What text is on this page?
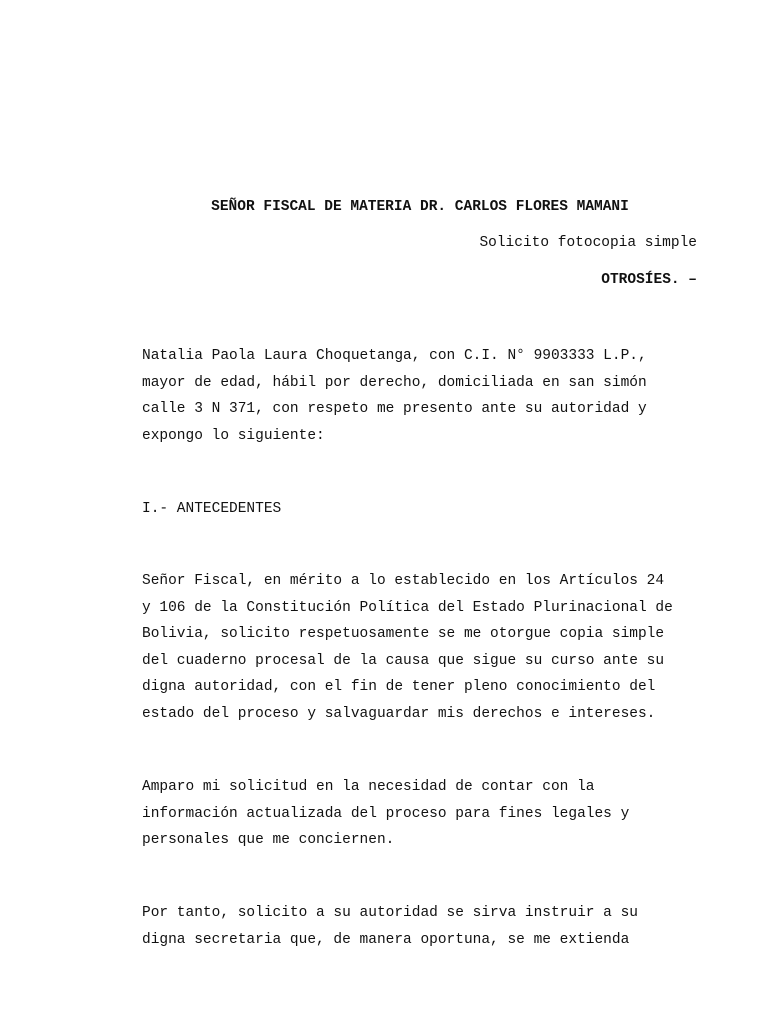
SEÑOR FISCAL DE MATERIA DR. CARLOS FLORES MAMANI

Solicito fotocopia simple

OTROSÍES. –

Natalia Paola Laura Choquetanga, con C.I. N° 9903333 L.P.,
mayor de edad, hábil por derecho, domiciliada en san simón
calle 3 N 371, con respeto me presento ante su autoridad y
expongo lo siguiente:

I.- ANTECEDENTES

Señor Fiscal, en mérito a lo establecido en los Artículos 24
y 106 de la Constitución Política del Estado Plurinacional de
Bolivia, solicito respetuosamente se me otorgue copia simple
del cuaderno procesal de la causa que sigue su curso ante su
digna autoridad, con el fin de tener pleno conocimiento del
estado del proceso y salvaguardar mis derechos e intereses.

Amparo mi solicitud en la necesidad de contar con la
información actualizada del proceso para fines legales y
personales que me conciernen.

Por tanto, solicito a su autoridad se sirva instruir a su
digna secretaria que, de manera oportuna, se me extienda
